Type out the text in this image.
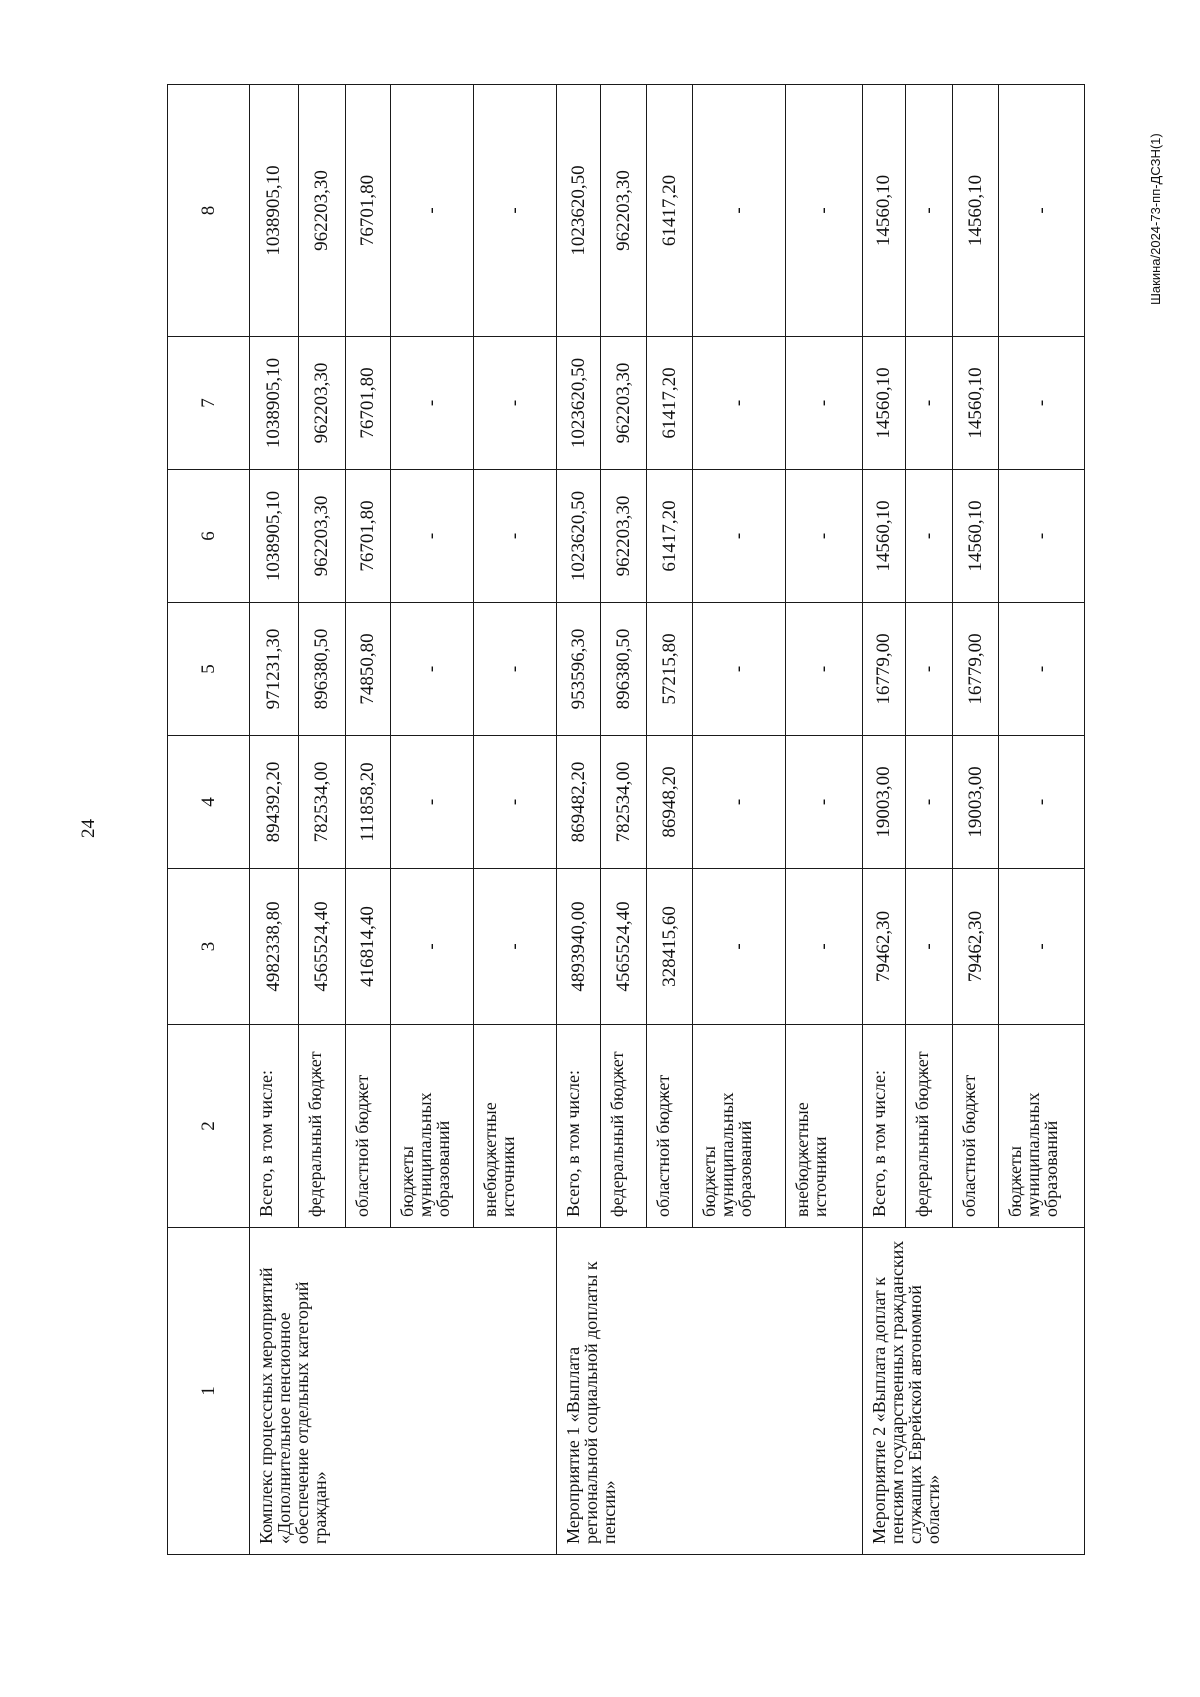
24
Шакина/2024-73-пп-ДСЗН(1)
1	2	3	4	5	6	7	8
Комплекс процессных мероприятий «Дополнительное пенсионное обеспечение отдельных категорий граждан»	Всего, в том числе:	4982338,80	894392,20	971231,30	1038905,10	1038905,10	1038905,10
	федеральный бюджет	4565524,40	782534,00	896380,50	962203,30	962203,30	962203,30
	областной бюджет	416814,40	111858,20	74850,80	76701,80	76701,80	76701,80
	бюджеты муниципальных образований	-	-	-	-	-	-
	внебюджетные источники	-	-	-	-	-	-
Мероприятие 1 «Выплата региональной социальной доплаты к пенсии»	Всего, в том числе:	4893940,00	869482,20	953596,30	1023620,50	1023620,50	1023620,50
	федеральный бюджет	4565524,40	782534,00	896380,50	962203,30	962203,30	962203,30
	областной бюджет	328415,60	86948,20	57215,80	61417,20	61417,20	61417,20
	бюджеты муниципальных образований	-	-	-	-	-	-
	внебюджетные источники	-	-	-	-	-	-
Мероприятие 2 «Выплата доплат к пенсиям государственных гражданских служащих Еврейской автономной области»	Всего, в том числе:	79462,30	19003,00	16779,00	14560,10	14560,10	14560,10
	федеральный бюджет	-	-	-	-	-	-
	областной бюджет	79462,30	19003,00	16779,00	14560,10	14560,10	14560,10
	бюджеты муниципальных образований	-	-	-	-	-	-
